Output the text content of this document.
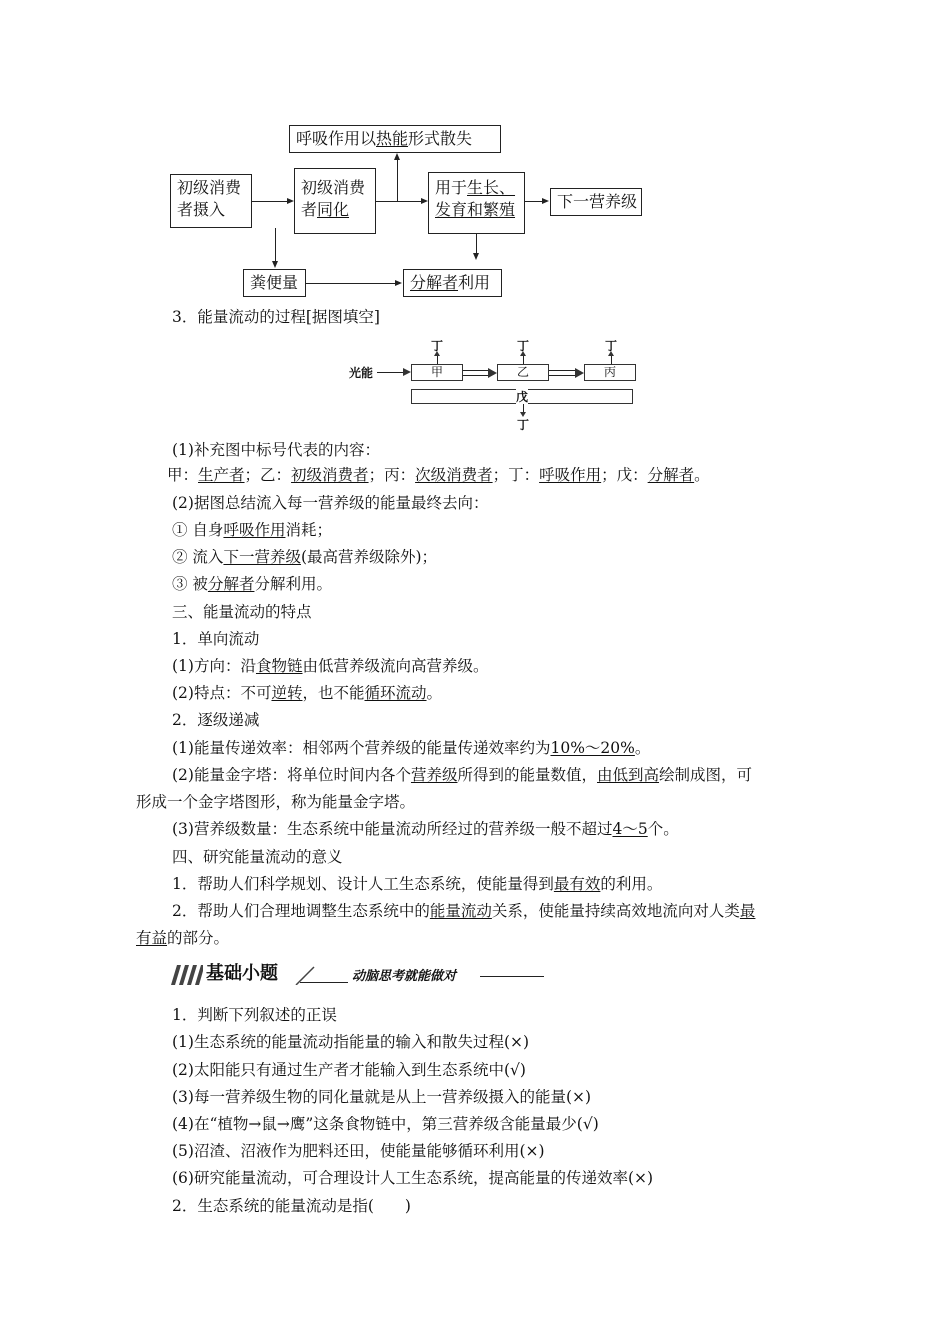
呼吸作用以热能形式散失
初级消费
者摄入
初级消费
者同化
用于生长、
发育和繁殖	下一营养级
粪便量	分解者利用
3．能量流动的过程[据图填空]
光能	甲	乙	丙
丁	丁	丁
戊
丁
(1)补充图中标号代表的内容：
甲：生产者；乙：初级消费者；丙：次级消费者；丁：呼吸作用；戊：分解者。
(2)据图总结流入每一营养级的能量最终去向：
① 自身呼吸作用消耗；
② 流入下一营养级(最高营养级除外)；
③ 被分解者分解利用。
三、能量流动的特点
1．单向流动
(1)方向：沿食物链由低营养级流向高营养级。
(2)特点：不可逆转，也不能循环流动。
2．逐级递减
(1)能量传递效率：相邻两个营养级的能量传递效率约为10%～20%。
(2)能量金字塔：将单位时间内各个营养级所得到的能量数值，由低到高绘制成图，可
形成一个金字塔图形，称为能量金字塔。
(3)营养级数量：生态系统中能量流动所经过的营养级一般不超过4～5个。
四、研究能量流动的意义
1．帮助人们科学规划、设计人工生态系统，使能量得到最有效的利用。
2．帮助人们合理地调整生态系统中的能量流动关系，使能量持续高效地流向对人类最
有益的部分。
基础小题	动脑思考就能做对
1．判断下列叙述的正误
(1)生态系统的能量流动指能量的输入和散失过程(×)
(2)太阳能只有通过生产者才能输入到生态系统中(√)
(3)每一营养级生物的同化量就是从上一营养级摄入的能量(×)
(4)在“植物→鼠→鹰”这条食物链中，第三营养级含能量最少(√)
(5)沼渣、沼液作为肥料还田，使能量能够循环利用(×)
(6)研究能量流动，可合理设计人工生态系统，提高能量的传递效率(×)
2．生态系统的能量流动是指(　　)
